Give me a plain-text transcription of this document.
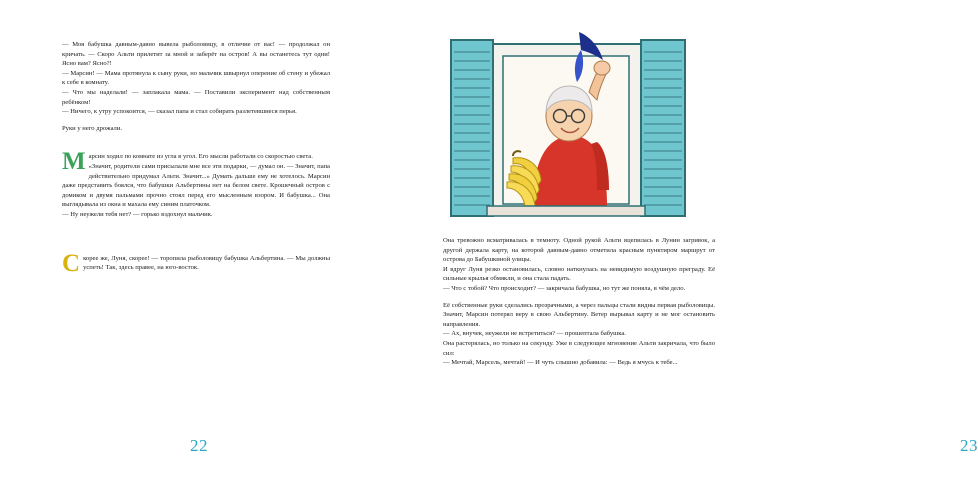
— Моя бабушка давным-давно вывела рыболовицу, в отличие от вас! — продолжал он кричать. — Скоро Альти прилетит за мной и заберёт на остров! А вы останетесь тут одни! Ясно вам? Ясно?!

— Марсин! — Мама протянула к сыну руки, но мальчик швырнул оперение об стену и убежал к себе в комнату.

— Что мы наделали! — заплакала мама. — Поставили эксперимент над собственным ребёнком!

— Ничего, к утру успокоится, — сказал папа и стал собирать разлетевшиеся перья.

Руки у него дрожали.

М арсин ходил по комнате из угла в угол. Его мысли работали со скоростью света.

«Значит, родители сами присылали мне все эти подарки, — думал он. — Значит, папа действительно придумал Альти. Значит...» Думать дальше ему не хотелось. Марсин даже представить боялся, что бабушки Альбертины нет на белом свете. Крошечный остров с домиком и двумя пальмами прочно стоял перед его мысленным взором. И бабушка... Она выглядывала из окна и махала ему синим платочком.

— Ну неужели тебя нет? — горько вздохнул мальчик.

С корее же, Луня, скорее! — торопила рыболовицу бабушка Альбертина. — Мы должны успеть! Так, здесь правее, на юго-восток.

22

Она тревожно всматривалась в темноту. Одной рукой Альти вцепилась в Лунин загривок, а другой держала карту, на которой давным-давно отметила красным пунктиром маршрут от острова до Бабушкиной улицы.

И вдруг Луня резко остановилась, словно наткнулась на невидимую воздушную преграду. Её сильные крылья обмякли, и она стала падать.

— Что с тобой? Что происходит? — закричала бабушка, но тут же поняла, в чём дело.

Её собственные руки сделались прозрачными, а через пальцы стали видны первая рыболовицы. Значит, Марсин потерял веру в свою Альбертину. Ветер вырывал карту и не мог остановить направления.

— Ах, внучек, неужели не встретиться? — прошептала бабушка.

Она растерялась, но только на секунду. Уже в следующее мгновение Альти закричала, что было сил:

— Мечтай, Марсель, мечтай! — И чуть слышно добавила: — Ведь я мчусь к тебе...

23
